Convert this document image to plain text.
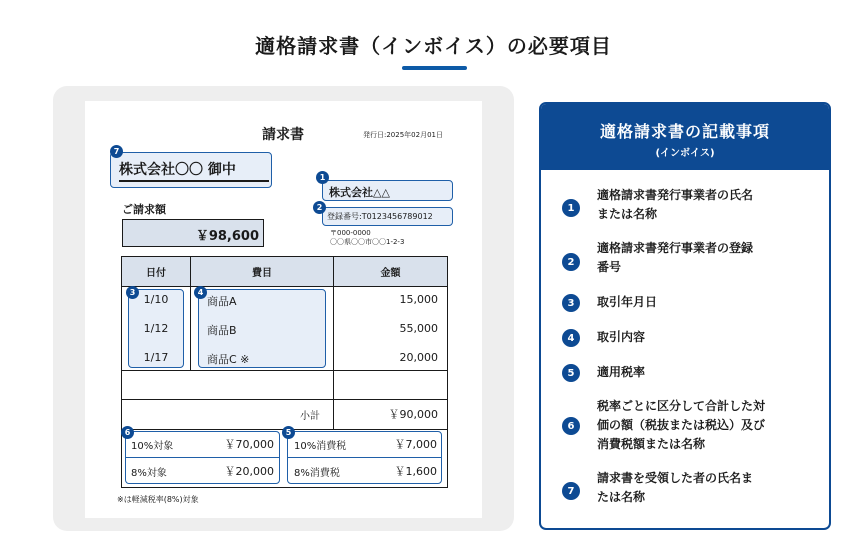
適格請求書（インボイス）の必要項目
請求書	発行日:2025年02月01日
7
株式会社〇〇 御中	1
株式会社△△
2
登録番号:T0123456789012
〒000-0000
〇〇県〇〇市〇〇1-2-3
ご請求額
￥98,600
日付	費目	金額
3	4
1/10	商品A	15,000
1/12	商品B	55,000
1/17	商品C ※	20,000
小計	￥90,000
6	5
10%対象	￥70,000 10%消費税	￥7,000
8%対象	￥20,000 8%消費税	￥1,600
※は軽減税率(8%)対象
適格請求書の記載事項
(インボイス)
1
適格請求書発行事業者の氏名
または名称
2
適格請求書発行事業者の登録
番号
3	取引年月日
4	取引内容
5	適用税率
6
税率ごとに区分して合計した対
価の額（税抜または税込）及び
消費税額または名称
7
請求書を受領した者の氏名ま
たは名称
